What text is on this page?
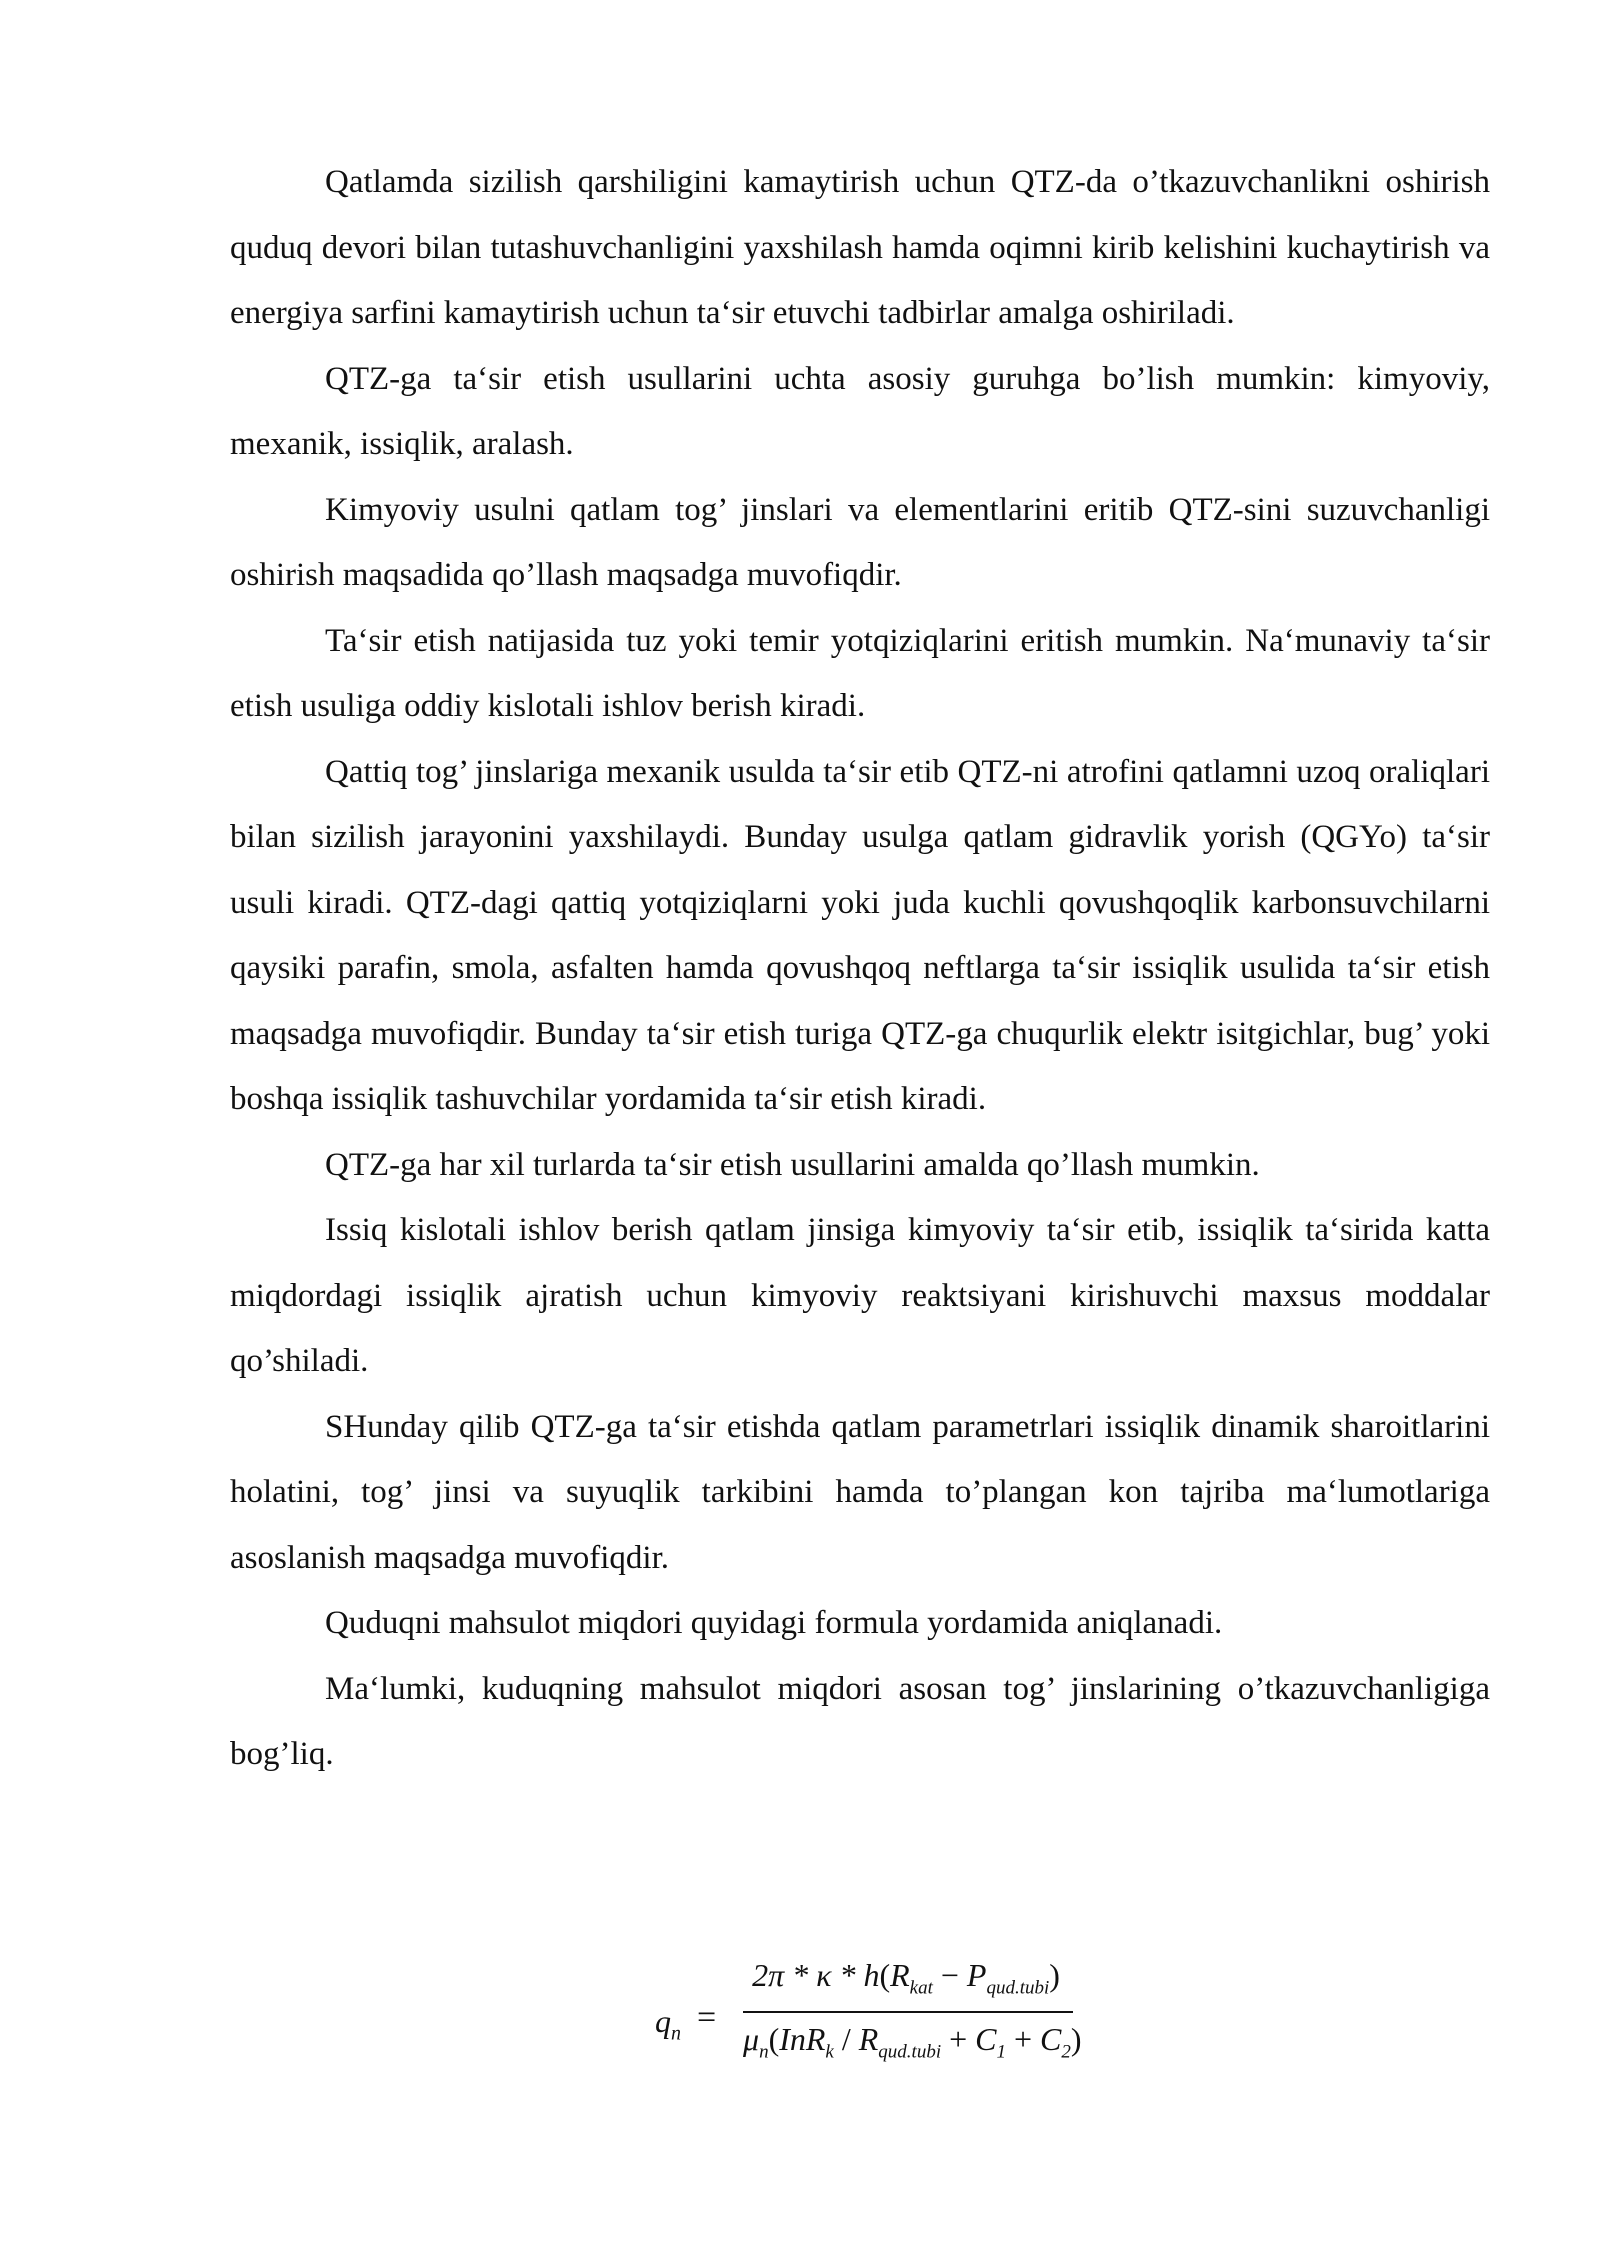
Qatlamda sizilish qarshiligini kamaytirish uchun QTZ-da o’tkazuvchanlikni oshirish quduq devori bilan tutashuvchanligini yaxshilash hamda oqimni kirib kelishini kuchaytirish va energiya sarfini kamaytirish uchun ta‘sir etuvchi tadbirlar amalga oshiriladi.

QTZ-ga ta‘sir etish usullarini uchta asosiy guruhga bo’lish mumkin: kimyoviy, mexanik, issiqlik, aralash.

Kimyoviy usulni qatlam tog’ jinslari va elementlarini eritib QTZ-sini suzuvchanligi oshirish maqsadida qo’llash maqsadga muvofiqdir.

Ta‘sir etish natijasida tuz yoki temir yotqiziqlarini eritish mumkin. Na‘munaviy ta‘sir etish usuliga oddiy kislotali ishlov berish kiradi.

Qattiq tog’ jinslariga mexanik usulda ta‘sir etib QTZ-ni atrofini qatlamni uzoq oraliqlari bilan sizilish jarayonini yaxshilaydi. Bunday usulga qatlam gidravlik yorish (QGYo) ta‘sir usuli kiradi. QTZ-dagi qattiq yotqiziqlarni yoki juda kuchli qovushqoqlik karbonsuvchilarni qaysiki parafin, smola, asfalten hamda qovushqoq neftlarga ta‘sir issiqlik usulida ta‘sir etish maqsadga muvofiqdir. Bunday ta‘sir etish turiga QTZ-ga chuqurlik elektr isitgichlar, bug’ yoki boshqa issiqlik tashuvchilar yordamida ta‘sir etish kiradi.

QTZ-ga har xil turlarda ta‘sir etish usullarini amalda qo’llash mumkin.

Issiq kislotali ishlov berish qatlam jinsiga kimyoviy ta‘sir etib, issiqlik ta‘sirida katta miqdordagi issiqlik ajratish uchun kimyoviy reaktsiyani kirishuvchi maxsus moddalar qo’shiladi.

SHunday qilib QTZ-ga ta‘sir etishda qatlam parametrlari issiqlik dinamik sharoitlarini holatini, tog’ jinsi va suyuqlik tarkibini hamda to’plangan kon tajriba ma‘lumotlariga asoslanish maqsadga muvofiqdir.

Quduqni mahsulot miqdori quyidagi formula yordamida aniqlanadi.

Ma‘lumki, kuduqning mahsulot miqdori asosan tog’ jinslarining o’tkazuvchanligiga bog’liq.

$q_n$ =
$2\pi * \kappa * h(R_{kat} - P_{qud.tubi})$
$\mu_n(InR_k / R_{qud.tubi} + C_1 + C_2)$
